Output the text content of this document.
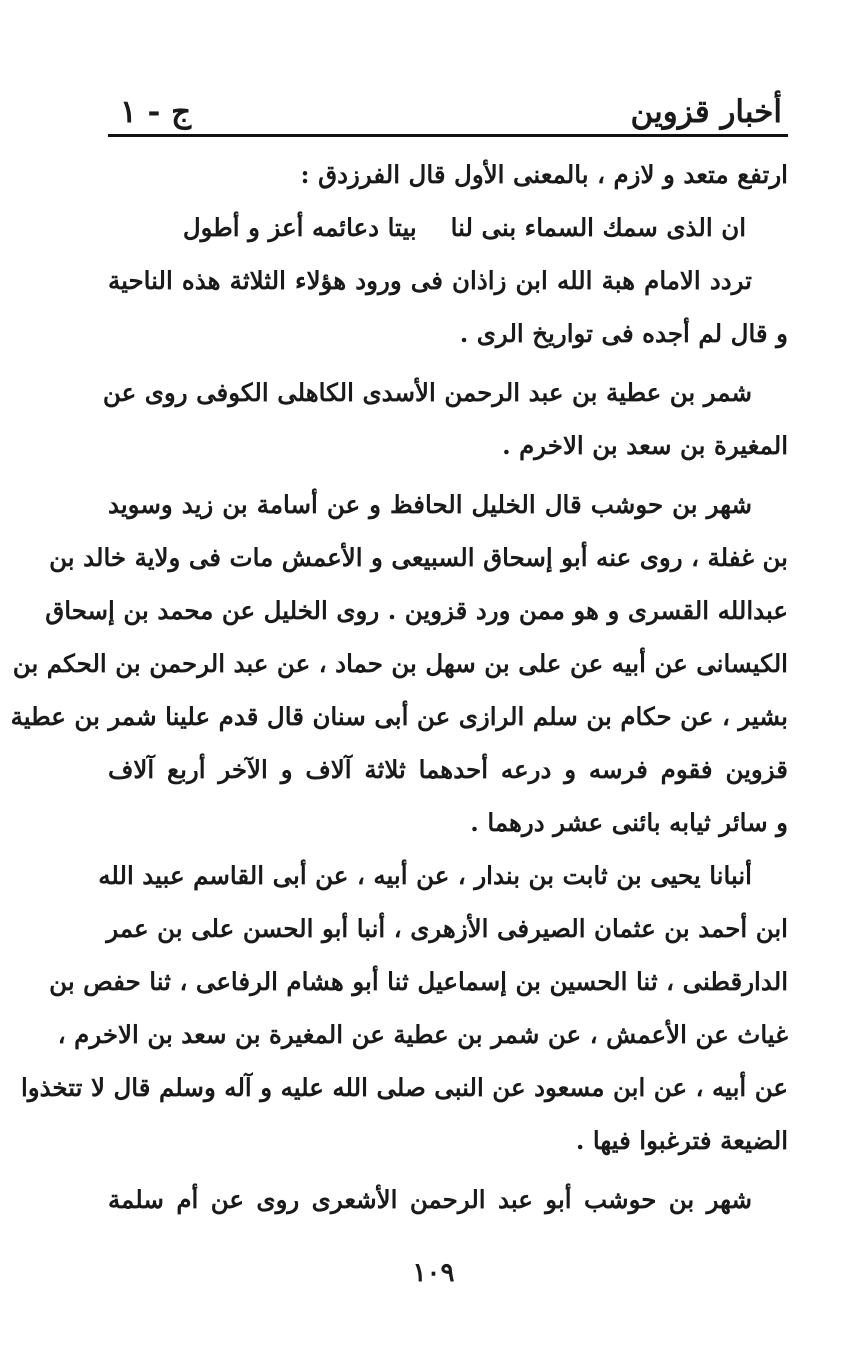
أخبار قزوين
ج - ١
ارتفع متعد و لازم ، بالمعنى الأول قال الفرزدق :
ان الذى سمك السماء بنى لنا
بيتا دعائمه أعز و أطول
تردد الامام هبة الله ابن زاذان فى ورود هؤلاء الثلاثة هذه الناحية
و قال لم أجده فى تواريخ الرى .
شمر بن عطية بن عبد الرحمن الأسدى الكاهلى الكوفى روى عن
المغيرة بن سعد بن الاخرم .
شهر بن حوشب قال الخليل الحافظ و عن أسامة بن زيد وسويد
بن غفلة ، روى عنه أبو إسحاق السبيعى و الأعمش مات فى ولاية خالد بن
عبدالله القسرى و هو ممن ورد قزوين . روى الخليل عن محمد بن إسحاق
الكيسانى عن أبيه عن على بن سهل بن حماد ، عن عبد الرحمن بن الحكم بن
بشير ، عن حكام بن سلم الرازى عن أبى سنان قال قدم علينا شمر بن عطية
قزوين فقوم فرسه و درعه أحدهما ثلاثة آلاف و الآخر أربع آلاف
و سائر ثيابه بائنى عشر درهما .
أنبانا يحيى بن ثابت بن بندار ، عن أبيه ، عن أبى القاسم عبيد الله
ابن أحمد بن عثمان الصيرفى الأزهرى ، أنبا أبو الحسن على بن عمر
الدارقطنى ، ثنا الحسين بن إسماعيل ثنا أبو هشام الرفاعى ، ثنا حفص بن
غياث عن الأعمش ، عن شمر بن عطية عن المغيرة بن سعد بن الاخرم ،
عن أبيه ، عن ابن مسعود عن النبى صلى الله عليه و آله وسلم قال لا تتخذوا
الضيعة فترغبوا فيها .
شهر بن حوشب أبو عبد الرحمن الأشعرى روى عن أم سلمة
١٠٩
